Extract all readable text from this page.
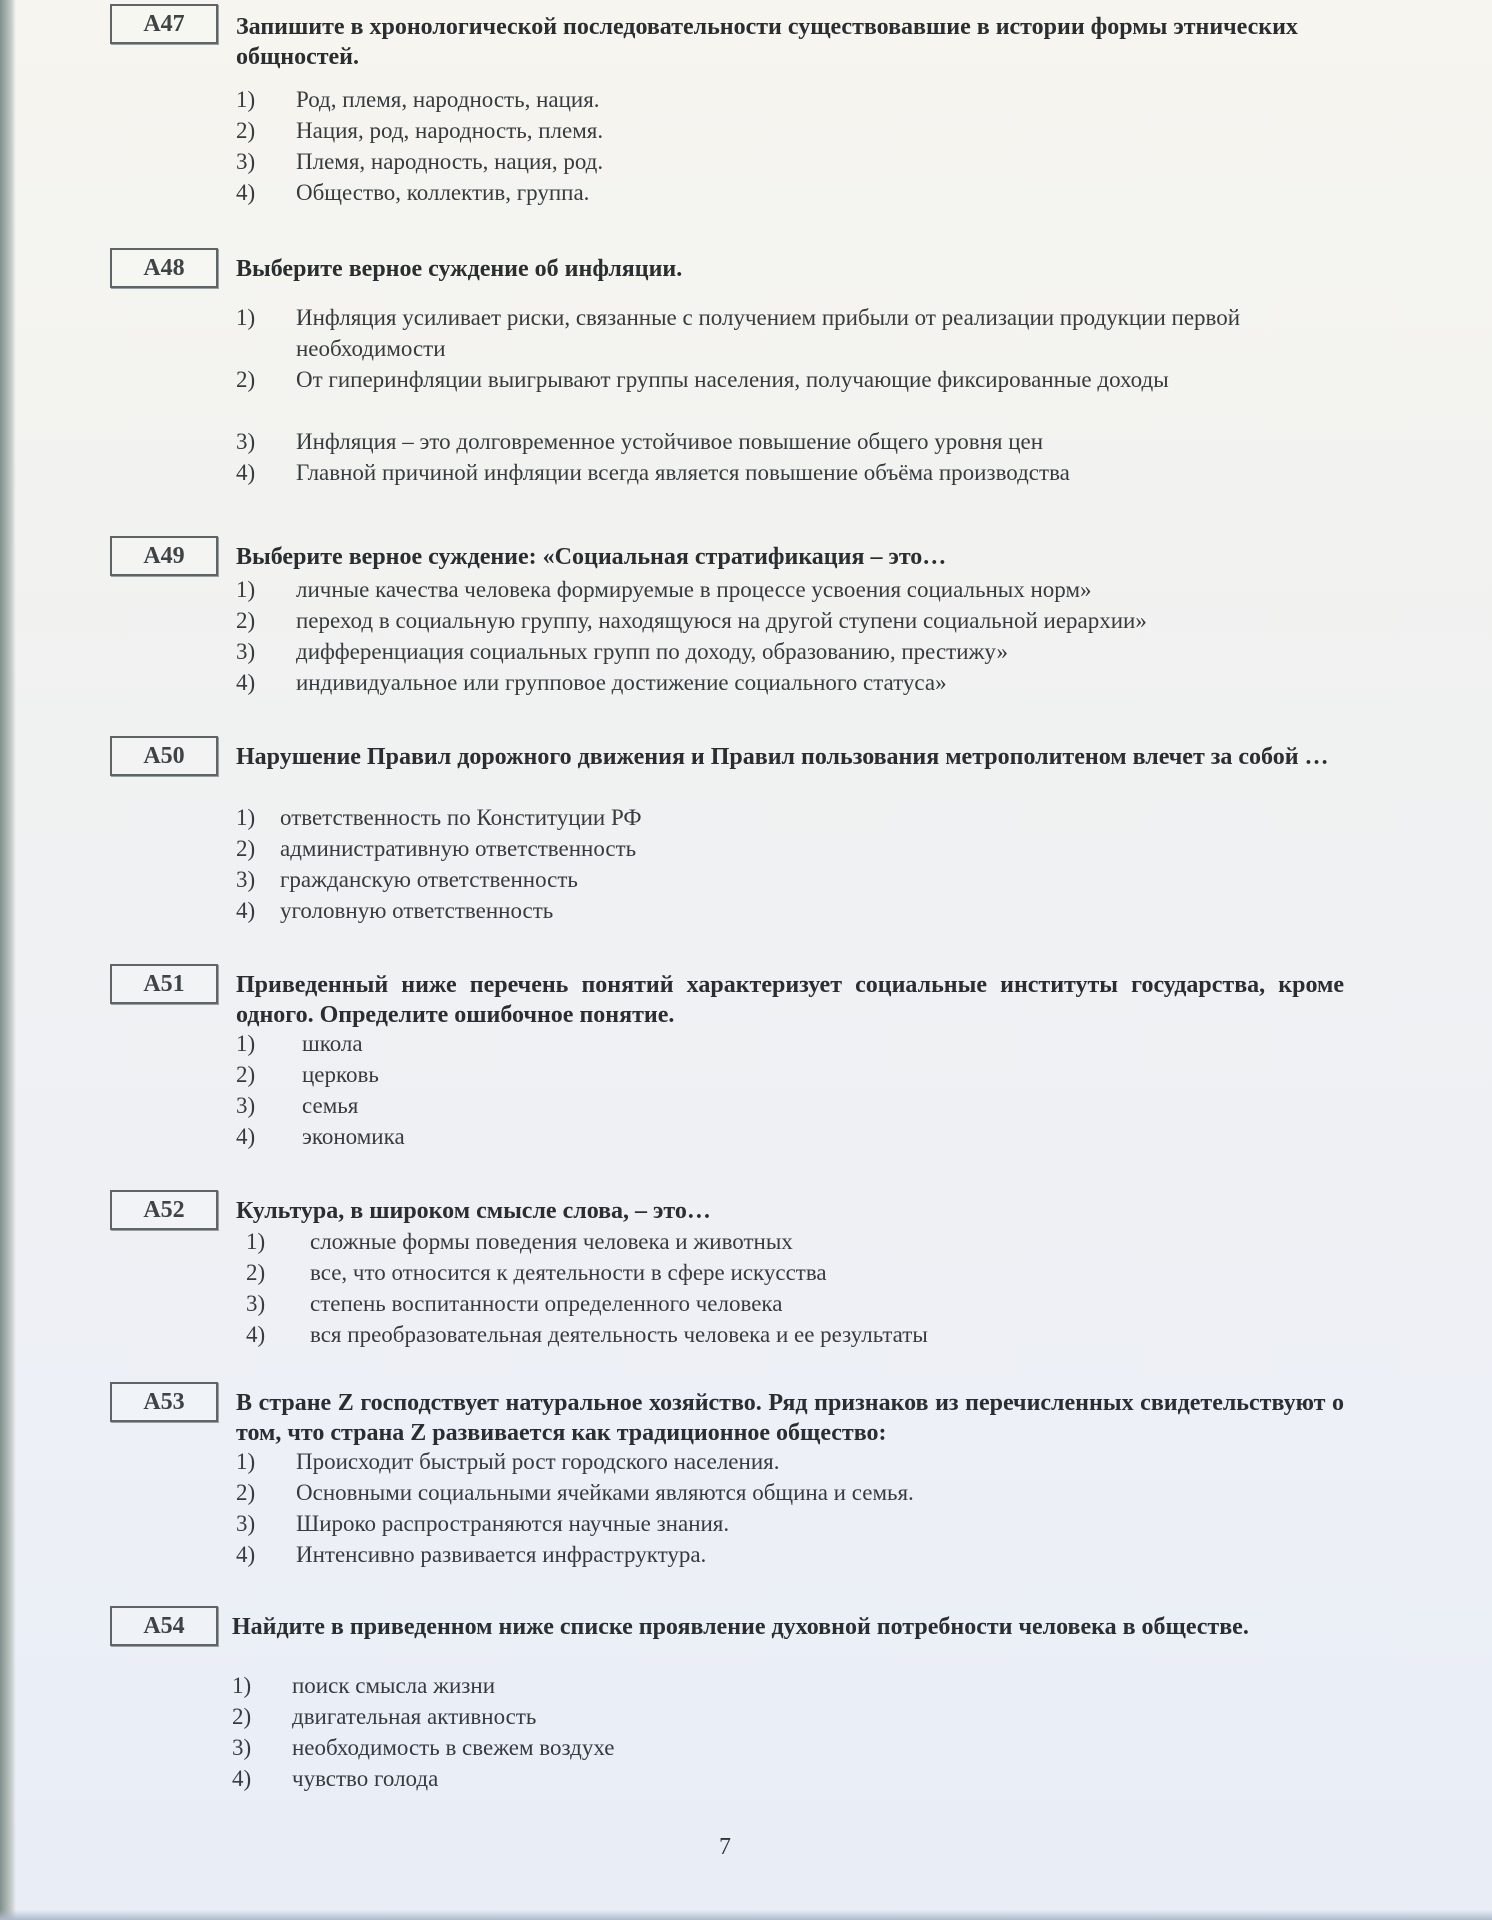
А47	Запишите в хронологической последовательности существовавшие в истории формы этнических общностей.
1)	Род, племя, народность, нация.
2)	Нация, род, народность, племя.
3)	Племя, народность, нация, род.
4)	Общество, коллектив, группа.
А48	Выберите верное суждение об инфляции.
1)	Инфляция усиливает риски, связанные с получением прибыли от реализации продукции первой необходимости
2)	От гиперинфляции выигрывают группы населения, получающие фиксированные доходы
3)	Инфляция – это долговременное устойчивое повышение общего уровня цен
4)	Главной причиной инфляции всегда является повышение объёма производства
А49	Выберите верное суждение: «Социальная стратификация – это…
1)	личные качества человека формируемые в процессе усвоения социальных норм»
2)	переход в социальную группу, находящуюся на другой ступени социальной иерархии»
3)	дифференциация социальных групп по доходу, образованию, престижу»
4)	индивидуальное или групповое достижение социального статуса»
А50	Нарушение Правил дорожного движения и Правил пользования метрополитеном влечет за собой …
1)	ответственность по Конституции РФ
2)	административную ответственность
3)	гражданскую ответственность
4)	уголовную ответственность
А51	Приведенный ниже перечень понятий характеризует социальные институты государства, кроме одного. Определите ошибочное понятие.
1)	школа
2)	церковь
3)	семья
4)	экономика
А52	Культура, в широком смысле слова, – это…
1)	сложные формы поведения человека и животных
2)	все, что относится к деятельности в сфере искусства
3)	степень воспитанности определенного человека
4)	вся преобразовательная деятельность человека и ее результаты
А53	В стране Z господствует натуральное хозяйство. Ряд признаков из перечисленных свидетельствуют о том, что страна Z развивается как традиционное общество:
1)	Происходит быстрый рост городского населения.
2)	Основными социальными ячейками являются община и семья.
3)	Широко распространяются научные знания.
4)	Интенсивно развивается инфраструктура.
А54	Найдите в приведенном ниже списке проявление духовной потребности человека в обществе.
1)	поиск смысла жизни
2)	двигательная активность
3)	необходимость в свежем воздухе
4)	чувство голода
7
